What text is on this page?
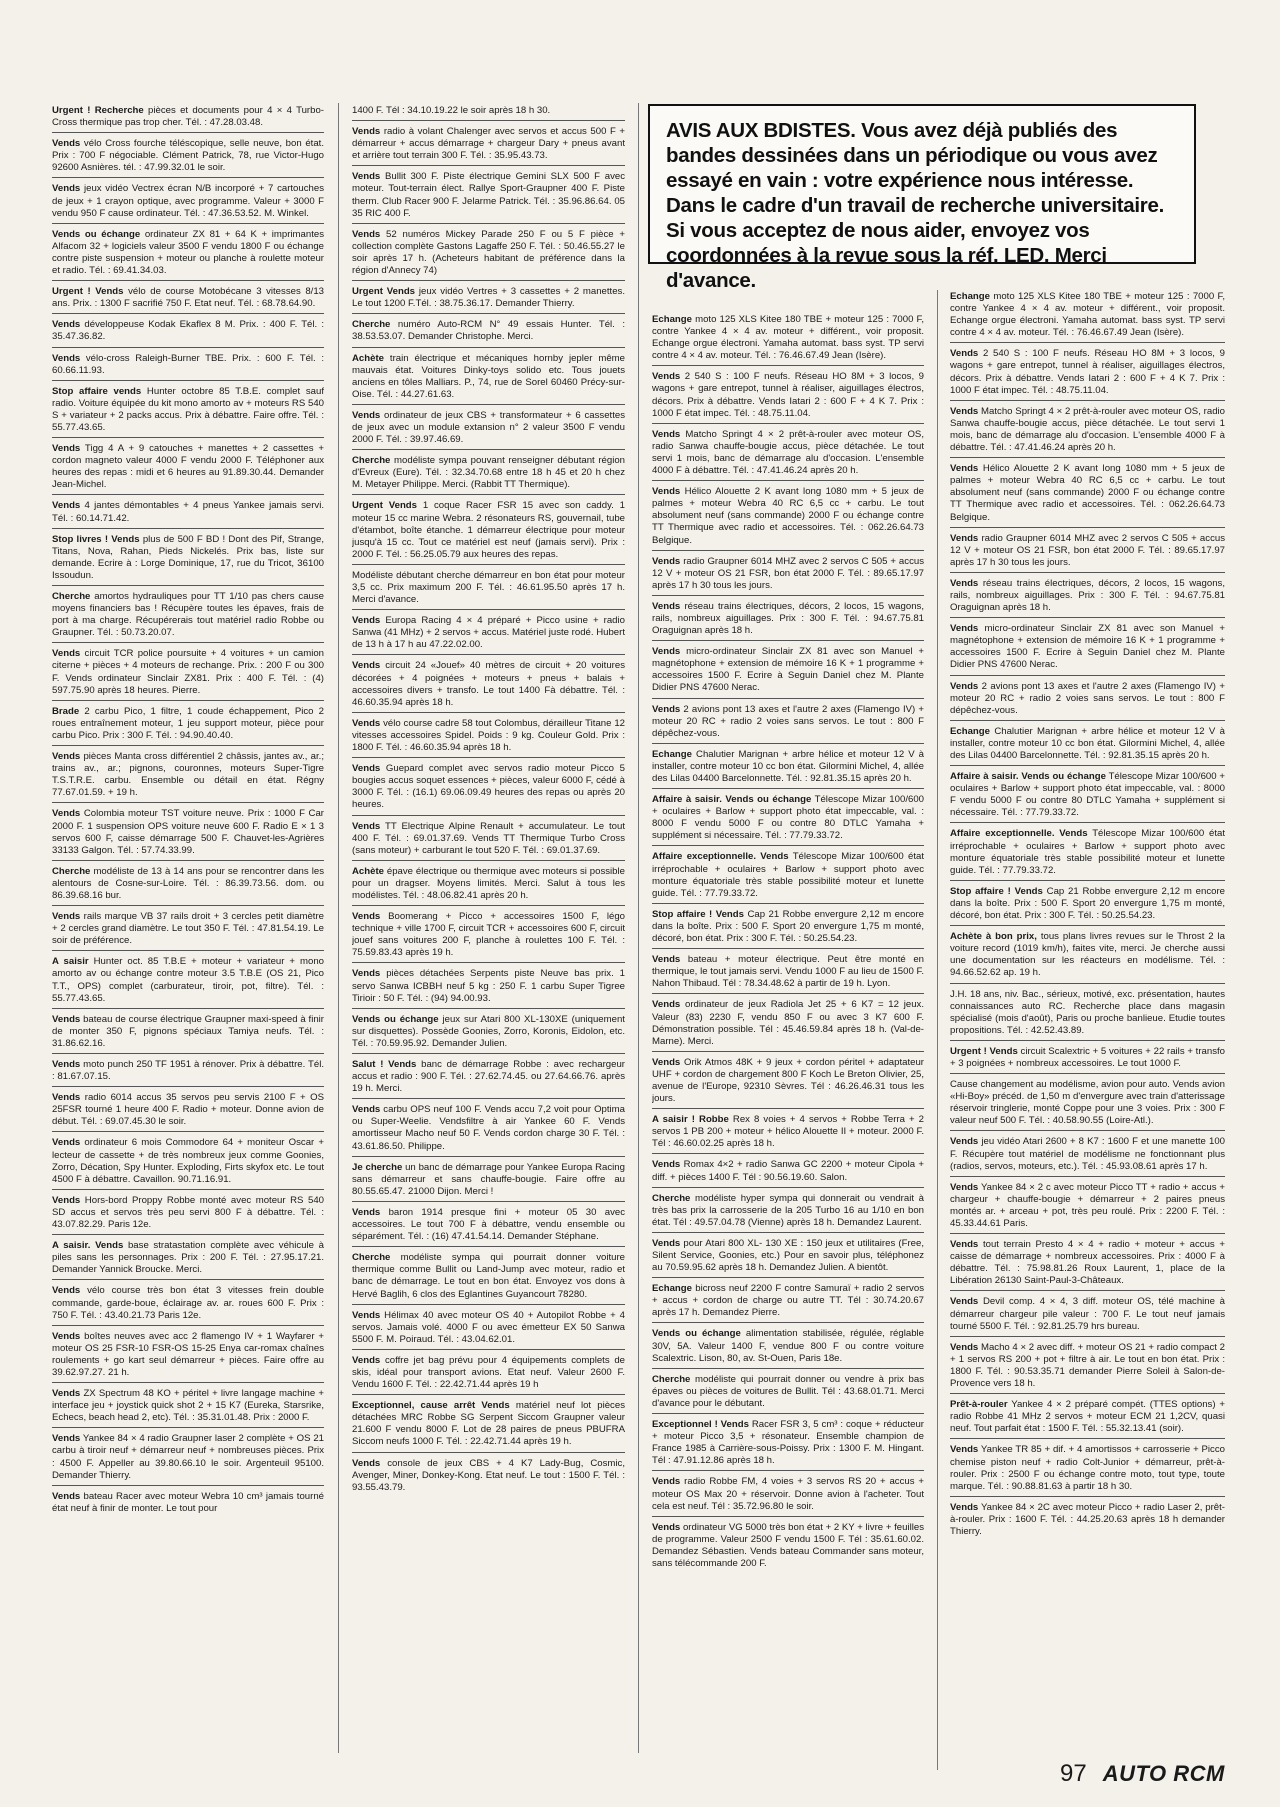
AVIS AUX BDISTES. Vous avez déjà publiés des bandes dessinées dans un périodique ou vous avez essayé en vain : votre expérience nous intéresse. Dans le cadre d'un travail de recherche universitaire. Si vous acceptez de nous aider, envoyez vos coordonnées à la revue sous la réf. LED. Merci d'avance.
Urgent ! Recherche pièces et documents pour 4 × 4 Turbo-Cross thermique pas trop cher. Tél. : 47.28.03.48.
Vends vélo Cross fourche téléscopique, selle neuve, bon état. Prix : 700 F négociable. Clément Patrick, 78, rue Victor-Hugo 92600 Asnières. tél. : 47.99.32.01 le soir.
Vends jeux vidéo Vectrex écran N/B incorporé + 7 cartouches de jeux + 1 crayon optique, avec programme. Valeur + 3000 F vendu 950 F cause ordinateur. Tél. : 47.36.53.52. M. Winkel.
Vends ou échange ordinateur ZX 81 + 64 K + imprimantes Alfacom 32 + logiciels valeur 3500 F vendu 1800 F ou échange contre piste suspension + moteur ou planche à roulette moteur et radio. Tél. : 69.41.34.03.
Urgent ! Vends vélo de course Motobécane 3 vitesses 8/13 ans. Prix. : 1300 F sacrifié 750 F. Etat neuf. Tél. : 68.78.64.90.
Vends développeuse Kodak Ekaflex 8 M. Prix. : 400 F. Tél. : 35.47.36.82.
Vends vélo-cross Raleigh-Burner TBE. Prix. : 600 F. Tél. : 60.66.11.93.
Stop affaire vends Hunter octobre 85 T.B.E. complet sauf radio. Voiture équipée du kit mono amorto av + moteurs RS 540 S + variateur + 2 packs accus. Prix à débattre. Faire offre. Tél. : 55.77.43.65.
Vends Tigg 4 A + 9 catouches + manettes + 2 cassettes + cordon magneto valeur 4000 F vendu 2000 F. Téléphoner aux heures des repas : midi et 6 heures au 91.89.30.44. Demander Jean-Michel.
Vends 4 jantes démontables + 4 pneus Yankee jamais servi. Tél. : 60.14.71.42.
Stop livres ! Vends plus de 500 F BD ! Dont des Pif, Strange, Titans, Nova, Rahan, Pieds Nickelés. Prix bas, liste sur demande. Ecrire à : Lorge Dominique, 17, rue du Tricot, 36100 Issoudun.
Cherche amortos hydrauliques pour TT 1/10 pas chers cause moyens financiers bas ! Récupère toutes les épaves, frais de port à ma charge. Récupérerais tout matériel radio Robbe ou Graupner. Tél. : 50.73.20.07.
Vends circuit TCR police poursuite + 4 voitures + un camion citerne + pièces + 4 moteurs de rechange. Prix. : 200 F ou 300 F. Vends ordinateur Sinclair ZX81. Prix : 400 F. Tél. : (4) 597.75.90 après 18 heures. Pierre.
Brade 2 carbu Pico, 1 filtre, 1 coude échappement, Pico 2 roues entraînement moteur, 1 jeu support moteur, pièce pour carbu Pico. Prix : 300 F. Tél. : 94.90.40.40.
Vends pièces Manta cross différentiel 2 châssis, jantes av., ar.; trains av., ar.; pignons, couronnes, moteurs Super-Tigre T.S.T.R.E. carbu. Ensemble ou détail en état. Régny 77.67.01.59. + 19 h.
Vends Colombia moteur TST voiture neuve. Prix : 1000 F Car 2000 F. 1 suspension OPS voiture neuve 600 F. Radio E × 1 3 servos 600 F, caisse démarrage 500 F. Chauvet-les-Agrières 33133 Galgon. Tél. : 57.74.33.99.
Cherche modéliste de 13 à 14 ans pour se rencontrer dans les alentours de Cosne-sur-Loire. Tél. : 86.39.73.56. dom. ou 86.39.68.16 bur.
Vends rails marque VB 37 rails droit + 3 cercles petit diamètre + 2 cercles grand diamètre. Le tout 350 F. Tél. : 47.81.54.19. Le soir de préférence.
A saisir Hunter oct. 85 T.B.E + moteur + variateur + mono amorto av ou échange contre moteur 3.5 T.B.E (OS 21, Pico T.T., OPS) complet (carburateur, tiroir, pot, filtre). Tél. : 55.77.43.65.
Vends bateau de course électrique Graupner maxi-speed à finir de monter 350 F, pignons spéciaux Tamiya neufs. Tél. : 31.86.62.16.
Vends moto punch 250 TF 1951 à rénover. Prix à débattre. Tél. : 81.67.07.15.
Vends radio 6014 accus 35 servos peu servis 2100 F + OS 25FSR tourné 1 heure 400 F. Radio + moteur. Donne avion de début. Tél. : 69.07.45.30 le soir.
Vends ordinateur 6 mois Commodore 64 + moniteur Oscar + lecteur de cassette + de très nombreux jeux comme Goonies, Zorro, Décation, Spy Hunter. Exploding, Firts skyfox etc. Le tout 4500 F à débattre. Cavaillon. 90.71.16.91.
Vends Hors-bord Proppy Robbe monté avec moteur RS 540 SD accus et servos très peu servi 800 F à débattre. Tél. : 43.07.82.29. Paris 12e.
A saisir. Vends base stratastation complète avec véhicule à piles sans les personnages. Prix : 200 F. Tél. : 27.95.17.21. Demander Yannick Broucke. Merci.
Vends vélo course très bon état 3 vitesses frein double commande, garde-boue, éclairage av. ar. roues 600 F. Prix : 750 F. Tél. : 43.40.21.73 Paris 12e.
Vends boîtes neuves avec acc 2 flamengo IV + 1 Wayfarer + moteur OS 25 FSR-10 FSR-OS 15-25 Enya car-romax chaînes roulements + go kart seul démarreur + pièces. Faire offre au 39.62.97.27. 21 h.
Vends ZX Spectrum 48 KO + péritel + livre langage machine + interface jeu + joystick quick shot 2 + 15 K7 (Eureka, Starsrike, Echecs, beach head 2, etc). Tél. : 35.31.01.48. Prix : 2000 F.
Vends Yankee 84 × 4 radio Graupner laser 2 complète + OS 21 carbu à tiroir neuf + démarreur neuf + nombreuses pièces. Prix : 4500 F. Appeller au 39.80.66.10 le soir. Argenteuil 95100. Demander Thierry.
Vends bateau Racer avec moteur Webra 10 cm³ jamais tourné état neuf à finir de monter. Le tout pour
1400 F. Tél : 34.10.19.22 le soir après 18 h 30.
Vends radio à volant Chalenger avec servos et accus 500 F + démarreur + accus démarrage + chargeur Dary + pneus avant et arrière tout terrain 300 F. Tél. : 35.95.43.73.
Vends Bullit 300 F. Piste électrique Gemini SLX 500 F avec moteur. Tout-terrain élect. Rallye Sport-Graupner 400 F. Piste therm. Club Racer 900 F. Jelarme Patrick. Tél. : 35.96.86.64. 05 35 RIC 400 F.
Vends 52 numéros Mickey Parade 250 F ou 5 F pièce + collection complète Gastons Lagaffe 250 F. Tél. : 50.46.55.27 le soir après 17 h. (Acheteurs habitant de préférence dans la région d'Annecy 74)
Urgent Vends jeux vidéo Vertres + 3 cassettes + 2 manettes. Le tout 1200 F.Tél. : 38.75.36.17. Demander Thierry.
Cherche numéro Auto-RCM N° 49 essais Hunter. Tél. : 38.53.53.07. Demander Christophe. Merci.
Achète train électrique et mécaniques hornby jepler même mauvais état. Voitures Dinky-toys solido etc. Tous jouets anciens en tôles Malliars. P., 74, rue de Sorel 60460 Précy-sur-Oise. Tél. : 44.27.61.63.
Vends ordinateur de jeux CBS + transformateur + 6 cassettes de jeux avec un module extansion n° 2 valeur 3500 F vendu 2000 F. Tél. : 39.97.46.69.
Cherche modéliste sympa pouvant renseigner débutant région d'Evreux (Eure). Tél. : 32.34.70.68 entre 18 h 45 et 20 h chez M. Metayer Philippe. Merci. (Rabbit TT Thermique).
Urgent Vends 1 coque Racer FSR 15 avec son caddy. 1 moteur 15 cc marine Webra. 2 résonateurs RS, gouvernail, tube d'étambot, boîte étanche. 1 démarreur électrique pour moteur jusqu'à 15 cc. Tout ce matériel est neuf (jamais servi). Prix : 2000 F. Tél. : 56.25.05.79 aux heures des repas.
Modéliste débutant cherche démarreur en bon état pour moteur 3,5 cc. Prix maximum 200 F. Tél. : 46.61.95.50 après 17 h. Merci d'avance.
Vends Europa Racing 4 × 4 préparé + Picco usine + radio Sanwa (41 MHz) + 2 servos + accus. Matériel juste rodé. Hubert de 13 h à 17 h au 47.22.02.00.
Vends circuit 24 «Jouef» 40 mètres de circuit + 20 voitures décorées + 4 poignées + moteurs + pneus + balais + accessoires divers + transfo. Le tout 1400 Fà débattre. Tél. : 46.60.35.94 après 18 h.
Vends vélo course cadre 58 tout Colombus, dérailleur Titane 12 vitesses accessoires Spidel. Poids : 9 kg. Couleur Gold. Prix : 1800 F. Tél. : 46.60.35.94 après 18 h.
Vends Guepard complet avec servos radio moteur Picco 5 bougies accus soquet essences + pièces, valeur 6000 F, cédé à 3000 F. Tél. : (16.1) 69.06.09.49 heures des repas ou après 20 heures.
Vends TT Electrique Alpine Renault + accumulateur. Le tout 400 F. Tél. : 69.01.37.69. Vends TT Thermique Turbo Cross (sans moteur) + carburant le tout 520 F. Tél. : 69.01.37.69.
Achète épave électrique ou thermique avec moteurs si possible pour un dragser. Moyens limités. Merci. Salut à tous les modélistes. Tél. : 48.06.82.41 après 20 h.
Vends Boomerang + Picco + accessoires 1500 F, légo technique + ville 1700 F, circuit TCR + accessoires 600 F, circuit jouef sans voitures 200 F, planche à roulettes 100 F. Tél. : 75.59.83.43 après 19 h.
Vends pièces détachées Serpents piste Neuve bas prix. 1 servo Sanwa ICBBH neuf 5 kg : 250 F. 1 carbu Super Tigree Tirioir : 50 F. Tél. : (94) 94.00.93.
Vends ou échange jeux sur Atari 800 XL-130XE (uniquement sur disquettes). Possède Goonies, Zorro, Koronis, Eidolon, etc. Tél. : 70.59.95.92. Demander Julien.
Salut ! Vends banc de démarrage Robbe : avec rechargeur accus et radio : 900 F. Tél. : 27.62.74.45. ou 27.64.66.76. après 19 h. Merci.
Vends carbu OPS neuf 100 F. Vends accu 7,2 voit pour Optima ou Super-Weelie. Vendsfiltre à air Yankee 60 F. Vends amortisseur Macho neuf 50 F. Vends cordon charge 30 F. Tél. : 43.61.86.50. Philippe.
Je cherche un banc de démarrage pour Yankee Europa Racing sans démarreur et sans chauffe-bougie. Faire offre au 80.55.65.47. 21000 Dijon. Merci !
Vends baron 1914 presque fini + moteur 05 30 avec accessoires. Le tout 700 F à débattre, vendu ensemble ou séparément. Tél. : (16) 47.41.54.14. Demander Stéphane.
Cherche modéliste sympa qui pourrait donner voiture thermique comme Bullit ou Land-Jump avec moteur, radio et banc de démarrage. Le tout en bon état. Envoyez vos dons à Hervé Baglih, 6 clos des Eglantines Guyancourt 78280.
Vends Hélimax 40 avec moteur OS 40 + Autopilot Robbe + 4 servos. Jamais volé. 4000 F ou avec émetteur EX 50 Sanwa 5500 F. M. Poiraud. Tél. : 43.04.62.01.
Vends coffre jet bag prévu pour 4 équipements complets de skis, idéal pour transport avions. Etat neuf. Valeur 2600 F. Vendu 1600 F. Tél. : 22.42.71.44 après 19 h
Exceptionnel, cause arrêt Vends matériel neuf lot pièces détachées MRC Robbe SG Serpent Siccom Graupner valeur 21.600 F vendu 8000 F. Lot de 28 paires de pneus PBUFRA Siccom neufs 1000 F. Tél. : 22.42.71.44 après 19 h.
Vends console de jeux CBS + 4 K7 Lady-Bug, Cosmic, Avenger, Miner, Donkey-Kong. Etat neuf. Le tout : 1500 F. Tél. : 93.55.43.79.
Echange moto 125 XLS Kitee 180 TBE + moteur 125 : 7000 F, contre Yankee 4 × 4 av. moteur + différent., voir proposit. Echange orgue électroni. Yamaha automat. bass syst. TP servi contre 4 × 4 av. moteur. Tél. : 76.46.67.49 Jean (Isère).
Vends 2 540 S : 100 F neufs. Réseau HO 8M + 3 locos, 9 wagons + gare entrepot, tunnel à réaliser, aiguillages électros, décors. Prix à débattre. Vends Iatari 2 : 600 F + 4 K 7. Prix : 1000 F état impec. Tél. : 48.75.11.04.
Vends Matcho Springt 4 × 2 prêt-à-rouler avec moteur OS, radio Sanwa chauffe-bougie accus, pièce détachée. Le tout servi 1 mois, banc de démarrage alu d'occasion. L'ensemble 4000 F à débattre. Tél. : 47.41.46.24 après 20 h.
Vends Hélico Alouette 2 K avant long 1080 mm + 5 jeux de palmes + moteur Webra 40 RC 6,5 cc + carbu. Le tout absolument neuf (sans commande) 2000 F ou échange contre TT Thermique avec radio et accessoires. Tél. : 062.26.64.73 Belgique.
Vends radio Graupner 6014 MHZ avec 2 servos C 505 + accus 12 V + moteur OS 21 FSR, bon état 2000 F. Tél. : 89.65.17.97 après 17 h 30 tous les jours.
Vends réseau trains électriques, décors, 2 locos, 15 wagons, rails, nombreux aiguillages. Prix : 300 F. Tél. : 94.67.75.81 Oraguignan après 18 h.
Vends micro-ordinateur Sinclair ZX 81 avec son Manuel + magnétophone + extension de mémoire 16 K + 1 programme + accessoires 1500 F. Ecrire à Seguin Daniel chez M. Plante Didier PNS 47600 Nerac.
Vends 2 avions pont 13 axes et l'autre 2 axes (Flamengo IV) + moteur 20 RC + radio 2 voies sans servos. Le tout : 800 F dépêchez-vous.
Echange Chalutier Marignan + arbre hélice et moteur 12 V à installer, contre moteur 10 cc bon état. Gilormini Michel, 4, allée des Lilas 04400 Barcelonnette. Tél. : 92.81.35.15 après 20 h.
Affaire à saisir. Vends ou échange Télescope Mizar 100/600 + oculaires + Barlow + support photo état impeccable, val. : 8000 F vendu 5000 F ou contre 80 DTLC Yamaha + supplément si nécessaire. Tél. : 77.79.33.72.
Affaire exceptionnelle. Vends Télescope Mizar 100/600 état irréprochable + oculaires + Barlow + support photo avec monture équatoriale très stable possibilité moteur et lunette guide. Tél. : 77.79.33.72.
Stop affaire ! Vends Cap 21 Robbe envergure 2,12 m encore dans la boîte. Prix : 500 F. Sport 20 envergure 1,75 m monté, décoré, bon état. Prix : 300 F. Tél. : 50.25.54.23.
Vends bateau + moteur électrique. Peut être monté en thermique, le tout jamais servi. Vendu 1000 F au lieu de 1500 F. Nahon Thibaud. Tél : 78.34.48.62 à partir de 19 h. Lyon.
Vends ordinateur de jeux Radiola Jet 25 + 6 K7 = 12 jeux. Valeur (83) 2230 F, vendu 850 F ou avec 3 K7 600 F. Démonstration possible. Tél : 45.46.59.84 après 18 h. (Val-de-Marne). Merci.
Vends Orik Atmos 48K + 9 jeux + cordon péritel + adaptateur UHF + cordon de chargement 800 F Koch Le Breton Olivier, 25, avenue de l'Europe, 92310 Sèvres. Tél : 46.26.46.31 tous les jours.
A saisir ! Robbe Rex 8 voies + 4 servos + Robbe Terra + 2 servos 1 PB 200 + moteur + hélico Alouette II + moteur. 2000 F. Tél : 46.60.02.25 après 18 h.
Vends Romax 4×2 + radio Sanwa GC 2200 + moteur Cipola + diff. + pièces 1400 F. Tél : 90.56.19.60. Salon.
Cherche modéliste hyper sympa qui donnerait ou vendrait à très bas prix la carrosserie de la 205 Turbo 16 au 1/10 en bon état. Tél : 49.57.04.78 (Vienne) après 18 h. Demandez Laurent.
Vends pour Atari 800 XL- 130 XE : 150 jeux et utilitaires (Free, Silent Service, Goonies, etc.) Pour en savoir plus, téléphonez au 70.59.95.62 après 18 h. Demandez Julien. A bientôt.
Echange bicross neuf 2200 F contre Samuraï + radio 2 servos + accus + cordon de charge ou autre TT. Tél : 30.74.20.67 après 17 h. Demandez Pierre.
Vends ou échange alimentation stabilisée, régulée, réglable 30V, 5A. Valeur 1400 F, vendue 800 F ou contre voiture Scalextric. Lison, 80, av. St-Ouen, Paris 18e.
Cherche modéliste qui pourrait donner ou vendre à prix bas épaves ou pièces de voitures de Bullit. Tél : 43.68.01.71. Merci d'avance pour le débutant.
Exceptionnel ! Vends Racer FSR 3, 5 cm³ : coque + réducteur + moteur Picco 3,5 + résonateur. Ensemble champion de France 1985 à Carrière-sous-Poissy. Prix : 1300 F. M. Hingant. Tél : 47.91.12.86 après 18 h.
Vends radio Robbe FM, 4 voies + 3 servos RS 20 + accus + moteur OS Max 20 + réservoir. Donne avion à l'acheter. Tout cela est neuf. Tél : 35.72.96.80 le soir.
Vends ordinateur VG 5000 très bon état + 2 KY + livre + feuilles de programme. Valeur 2500 F vendu 1500 F. Tél : 35.61.60.02. Demandez Sébastien. Vends bateau Commander sans moteur, sans télécommande 200 F.
Echange moto 125 XLS Kitee 180 TBE + moteur 125 : 7000 F, contre Yankee 4 × 4 av. moteur + différent., voir proposit. Echange orgue électroni. Yamaha automat. bass syst. TP servi contre 4 × 4 av. moteur. Tél. : 76.46.67.49 Jean (Isère).
Vends 2 540 S : 100 F neufs. Réseau HO 8M + 3 locos, 9 wagons + gare entrepot, tunnel à réaliser, aiguillages électros, décors. Prix à débattre. Vends Iatari 2 : 600 F + 4 K 7. Prix : 1000 F état impec. Tél. : 48.75.11.04.
Vends Matcho Springt 4 × 2 prêt-à-rouler avec moteur OS, radio Sanwa chauffe-bougie accus, pièce détachée. Le tout servi 1 mois, banc de démarrage alu d'occasion. L'ensemble 4000 F à débattre. Tél. : 47.41.46.24 après 20 h.
Vends Hélico Alouette 2 K avant long 1080 mm + 5 jeux de palmes + moteur Webra 40 RC 6,5 cc + carbu. Le tout absolument neuf (sans commande) 2000 F ou échange contre TT Thermique avec radio et accessoires. Tél. : 062.26.64.73 Belgique.
Vends radio Graupner 6014 MHZ avec 2 servos C 505 + accus 12 V + moteur OS 21 FSR, bon état 2000 F. Tél. : 89.65.17.97 après 17 h 30 tous les jours.
Vends réseau trains électriques, décors, 2 locos, 15 wagons, rails, nombreux aiguillages. Prix : 300 F. Tél. : 94.67.75.81 Oraguignan après 18 h.
Vends micro-ordinateur Sinclair ZX 81 avec son Manuel + magnétophone + extension de mémoire 16 K + 1 programme + accessoires 1500 F. Ecrire à Seguin Daniel chez M. Plante Didier PNS 47600 Nerac.
Vends 2 avions pont 13 axes et l'autre 2 axes (Flamengo IV) + moteur 20 RC + radio 2 voies sans servos. Le tout : 800 F dépêchez-vous.
Echange Chalutier Marignan + arbre hélice et moteur 12 V à installer, contre moteur 10 cc bon état. Gilormini Michel, 4, allée des Lilas 04400 Barcelonnette. Tél. : 92.81.35.15 après 20 h.
Affaire à saisir. Vends ou échange Télescope Mizar 100/600 + oculaires + Barlow + support photo état impeccable, val. : 8000 F vendu 5000 F ou contre 80 DTLC Yamaha + supplément si nécessaire. Tél. : 77.79.33.72.
Affaire exceptionnelle. Vends Télescope Mizar 100/600 état irréprochable + oculaires + Barlow + support photo avec monture équatoriale très stable possibilité moteur et lunette guide. Tél. : 77.79.33.72.
Stop affaire ! Vends Cap 21 Robbe envergure 2,12 m encore dans la boîte. Prix : 500 F. Sport 20 envergure 1,75 m monté, décoré, bon état. Prix : 300 F. Tél. : 50.25.54.23.
Achète à bon prix, tous plans livres revues sur le Throst 2 la voiture record (1019 km/h), faites vite, merci. Je cherche aussi une documentation sur les réacteurs en modélisme. Tél. : 94.66.52.62 ap. 19 h.
J.H. 18 ans, niv. Bac., sérieux, motivé, exc. présentation, hautes connaissances auto RC. Recherche place dans magasin spécialisé (mois d'août), Paris ou proche banlieue. Etudie toutes propositions. Tél. : 42.52.43.89.
Urgent ! Vends circuit Scalextric + 5 voitures + 22 rails + transfo + 3 poignées + nombreux accessoires. Le tout 1000 F.
Cause changement au modélisme, avion pour auto. Vends avion «Hi-Boy» précéd. de 1,50 m d'envergure avec train d'atterissage réservoir tringlerie, monté Coppe pour une 3 voies. Prix : 300 F valeur neuf 500 F. Tél. : 40.58.90.55 (Loire-Atl.).
Vends jeu vidéo Atari 2600 + 8 K7 : 1600 F et une manette 100 F. Récupère tout matériel de modélisme ne fonctionnant plus (radios, servos, moteurs, etc.). Tél. : 45.93.08.61 après 17 h.
Vends Yankee 84 × 2 c avec moteur Picco TT + radio + accus + chargeur + chauffe-bougie + démarreur + 2 paires pneus montés ar. + arceau + pot, très peu roulé. Prix : 2200 F. Tél. : 45.33.44.61 Paris.
Vends tout terrain Presto 4 × 4 + radio + moteur + accus + caisse de démarrage + nombreux accessoires. Prix : 4000 F à débattre. Tél. : 75.98.81.26 Roux Laurent, 1, place de la Libération 26130 Saint-Paul-3-Châteaux.
Vends Devil comp. 4 × 4, 3 diff. moteur OS, télé machine à démarreur chargeur pile valeur : 700 F. Le tout neuf jamais tourné 5500 F. Tél. : 92.81.25.79 hrs bureau.
Vends Macho 4 × 2 avec diff. + moteur OS 21 + radio compact 2 + 1 servos RS 200 + pot + filtre à air. Le tout en bon état. Prix : 1800 F. Tél. : 90.53.35.71 demander Pierre Soleil à Salon-de-Provence vers 18 h.
Prêt-à-rouler Yankee 4 × 2 préparé compét. (TTES options) + radio Robbe 41 MHz 2 servos + moteur ECM 21 1,2CV, quasi neuf. Tout parfait état : 1500 F. Tél. : 55.32.13.41 (soir).
Vends Yankee TR 85 + dif. + 4 amortissos + carrosserie + Picco chemise piston neuf + radio Colt-Junior + démarreur, prêt-à-rouler. Prix : 2500 F ou échange contre moto, tout type, toute marque. Tél. : 90.88.81.63 à partir 18 h 30.
Vends Yankee 84 × 2C avec moteur Picco + radio Laser 2, prêt-à-rouler. Prix : 1600 F. Tél. : 44.25.20.63 après 18 h demander Thierry.
97 AUTO RCM
